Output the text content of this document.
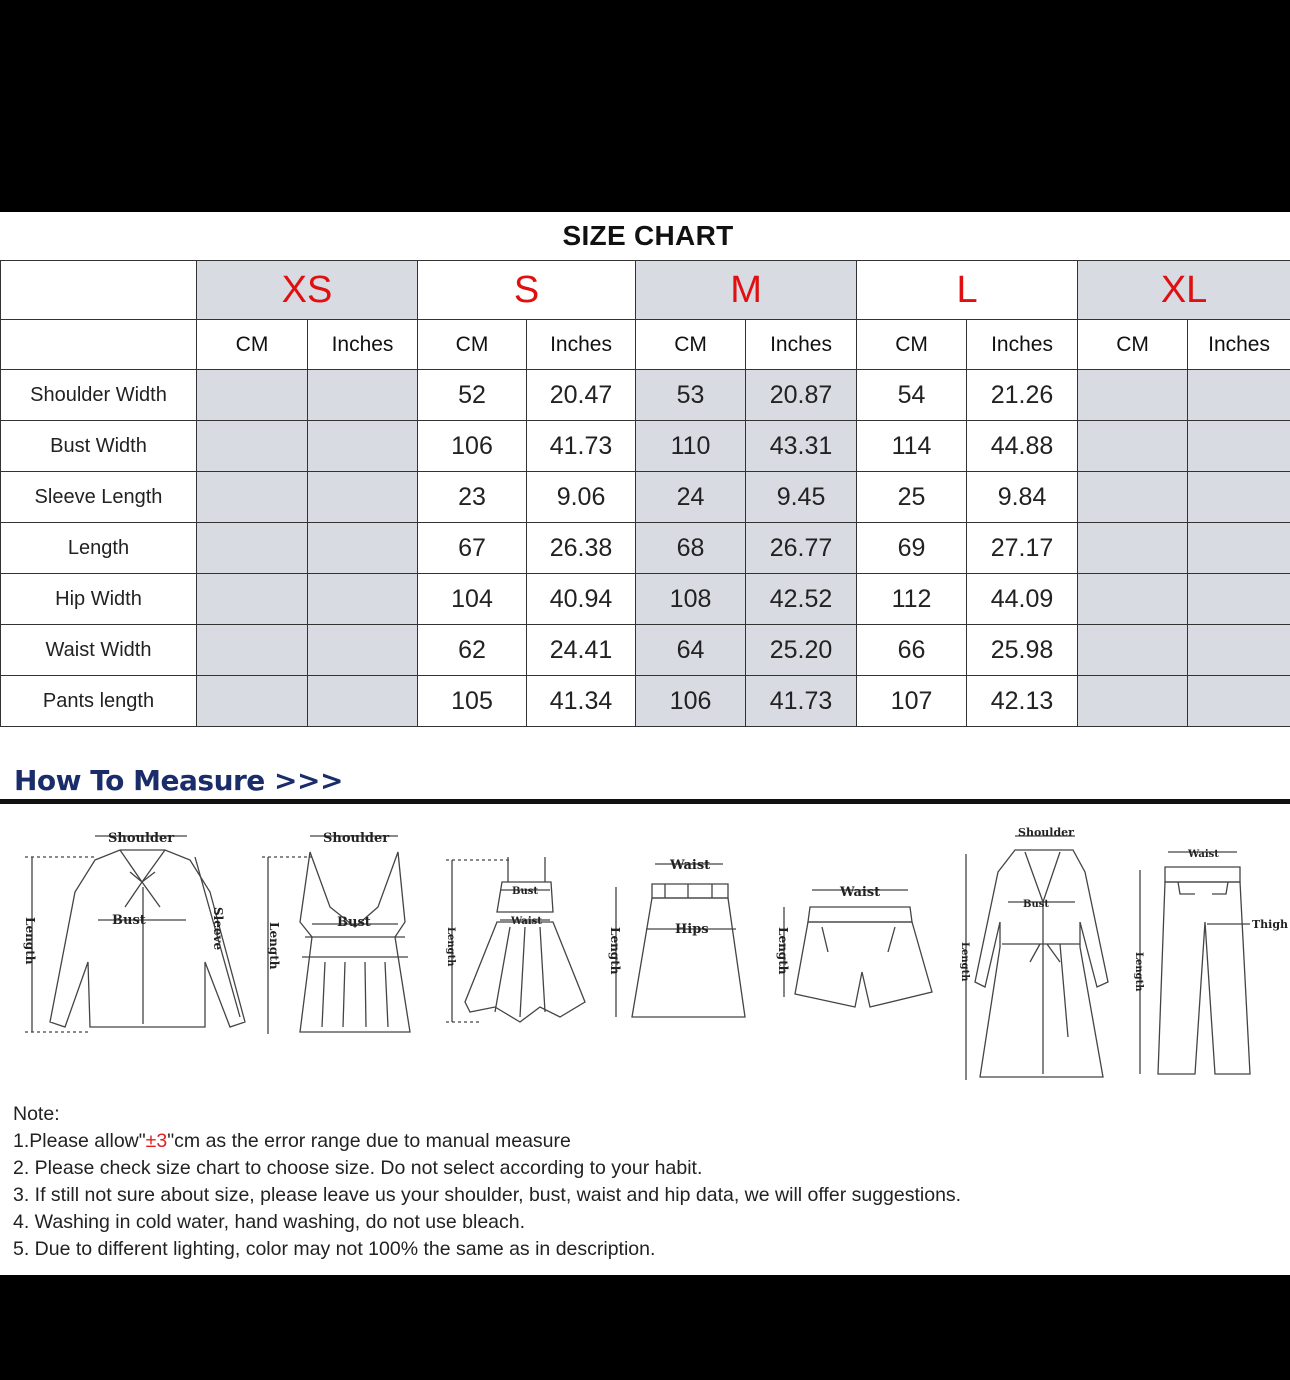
SIZE CHART
	XS		S		M		L		XL	
	CM	Inches	CM	Inches	CM	Inches	CM	Inches	CM	Inches
Shoulder Width			52	20.47	53	20.87	54	21.26		
Bust Width			106	41.73	110	43.31	114	44.88		
Sleeve Length			23	9.06	24	9.45	25	9.84		
Length			67	26.38	68	26.77	69	27.17		
Hip Width			104	40.94	108	42.52	112	44.09		
Waist Width			62	24.41	64	25.20	66	25.98		
Pants length			105	41.34	106	41.73	107	42.13		
How To Measure >>>
Shoulder
Bust	Sleeve
Length
Shoulder
Bust
Length
Bust
Waist
Length
Waist
Hips
Length
Waist
Length
Shoulder
Bust
Length
Waist
Thigh
Length
Note:
1.Please allow"±3"cm as the error range due to manual measure
2. Please check size chart to choose size. Do not select according to your habit.
3. If still not sure about size, please leave us your shoulder, bust, waist and hip data, we will offer suggestions.
4. Washing in cold water, hand washing, do not use bleach.
5. Due to different lighting, color may not 100% the same as in description.
